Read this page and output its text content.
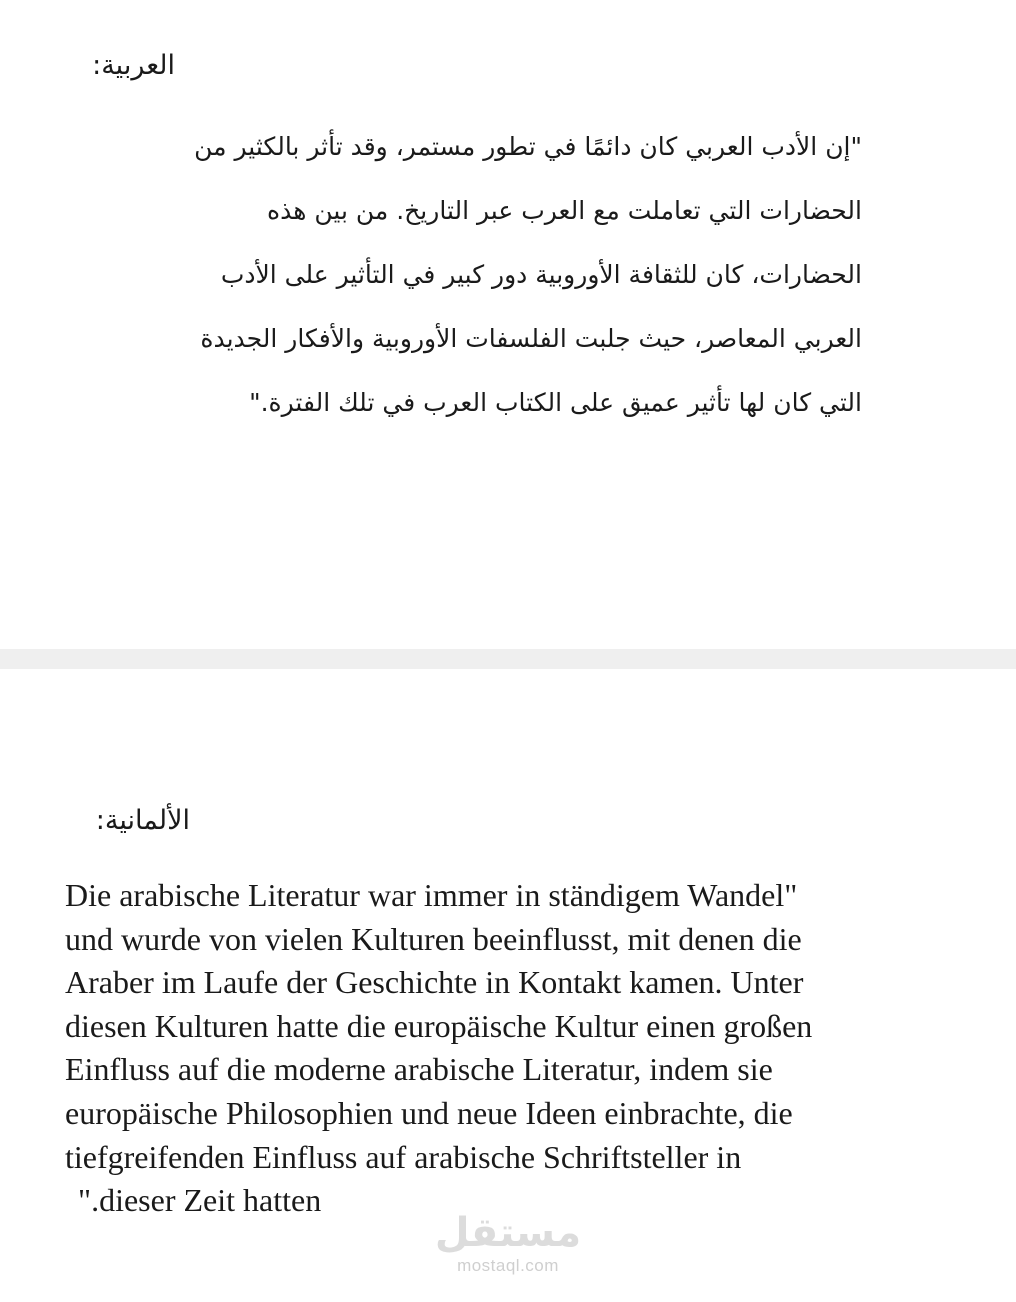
العربية:
"إن الأدب العربي كان دائمًا في تطور مستمر، وقد تأثر بالكثير من
الحضارات التي تعاملت مع العرب عبر التاريخ. من بين هذه
الحضارات، كان للثقافة الأوروبية دور كبير في التأثير على الأدب
العربي المعاصر، حيث جلبت الفلسفات الأوروبية والأفكار الجديدة
التي كان لها تأثير عميق على الكتاب العرب في تلك الفترة."
الألمانية:
Die arabische Literatur war immer in ständigem Wandel"
und wurde von vielen Kulturen beeinflusst, mit denen die
Araber im Laufe der Geschichte in Kontakt kamen. Unter
diesen Kulturen hatte die europäische Kultur einen großen
Einfluss auf die moderne arabische Literatur, indem sie
europäische Philosophien und neue Ideen einbrachte, die
tiefgreifenden Einfluss auf arabische Schriftsteller in
".dieser Zeit hatten
مستقل
mostaql.com
